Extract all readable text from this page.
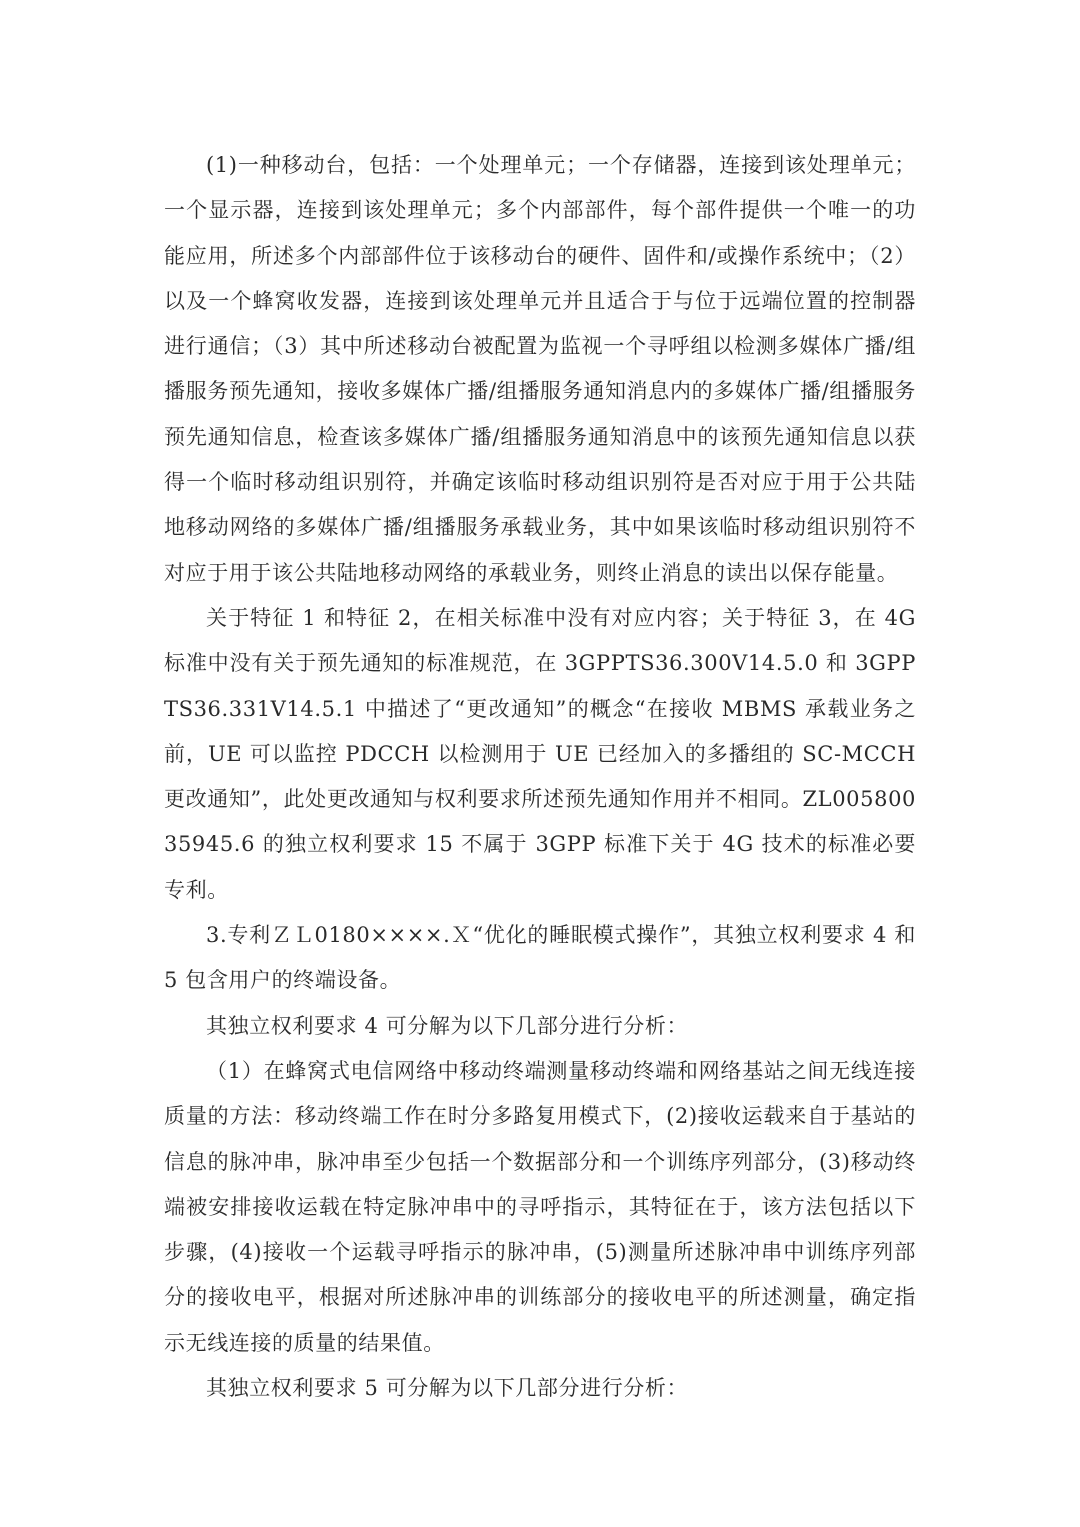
(1)一种移动台，包括：一个处理单元；一个存储器，连接到该处理单元；一个显示器，连接到该处理单元；多个内部部件，每个部件提供一个唯一的功能应用，所述多个内部部件位于该移动台的硬件、固件和/或操作系统中；（2）以及一个蜂窝收发器，连接到该处理单元并且适合于与位于远端位置的控制器进行通信；（3）其中所述移动台被配置为监视一个寻呼组以检测多媒体广播/组播服务预先通知，接收多媒体广播/组播服务通知消息内的多媒体广播/组播服务预先通知信息，检查该多媒体广播/组播服务通知消息中的该预先通知信息以获得一个临时移动组识别符，并确定该临时移动组识别符是否对应于用于公共陆地移动网络的多媒体广播/组播服务承载业务，其中如果该临时移动组识别符不对应于用于该公共陆地移动网络的承载业务，则终止消息的读出以保存能量。

关于特征 1 和特征 2，在相关标准中没有对应内容；关于特征 3，在 4G 标准中没有关于预先通知的标准规范，在 3GPPTS36.300V14.5.0 和 3GPPTS36.331V14.5.1 中描述了“更改通知”的概念“在接收 MBMS 承载业务之前，UE 可以监控 PDCCH 以检测用于 UE 已经加入的多播组的 SC-MCCH 更改通知”，此处更改通知与权利要求所述预先通知作用并不相同。ZL00580035945.6 的独立权利要求 15 不属于 3GPP 标准下关于 4G 技术的标准必要专利。

3.专利ＺＬ0180××××.Ｘ“优化的睡眠模式操作”，其独立权利要求 4 和 5 包含用户的终端设备。

其独立权利要求 4 可分解为以下几部分进行分析：

（1）在蜂窝式电信网络中移动终端测量移动终端和网络基站之间无线连接质量的方法：移动终端工作在时分多路复用模式下，(2)接收运载来自于基站的信息的脉冲串，脉冲串至少包括一个数据部分和一个训练序列部分，(3)移动终端被安排接收运载在特定脉冲串中的寻呼指示，其特征在于，该方法包括以下步骤，(4)接收一个运载寻呼指示的脉冲串，(5)测量所述脉冲串中训练序列部分的接收电平，根据对所述脉冲串的训练部分的接收电平的所述测量，确定指示无线连接的质量的结果值。

其独立权利要求 5 可分解为以下几部分进行分析：
